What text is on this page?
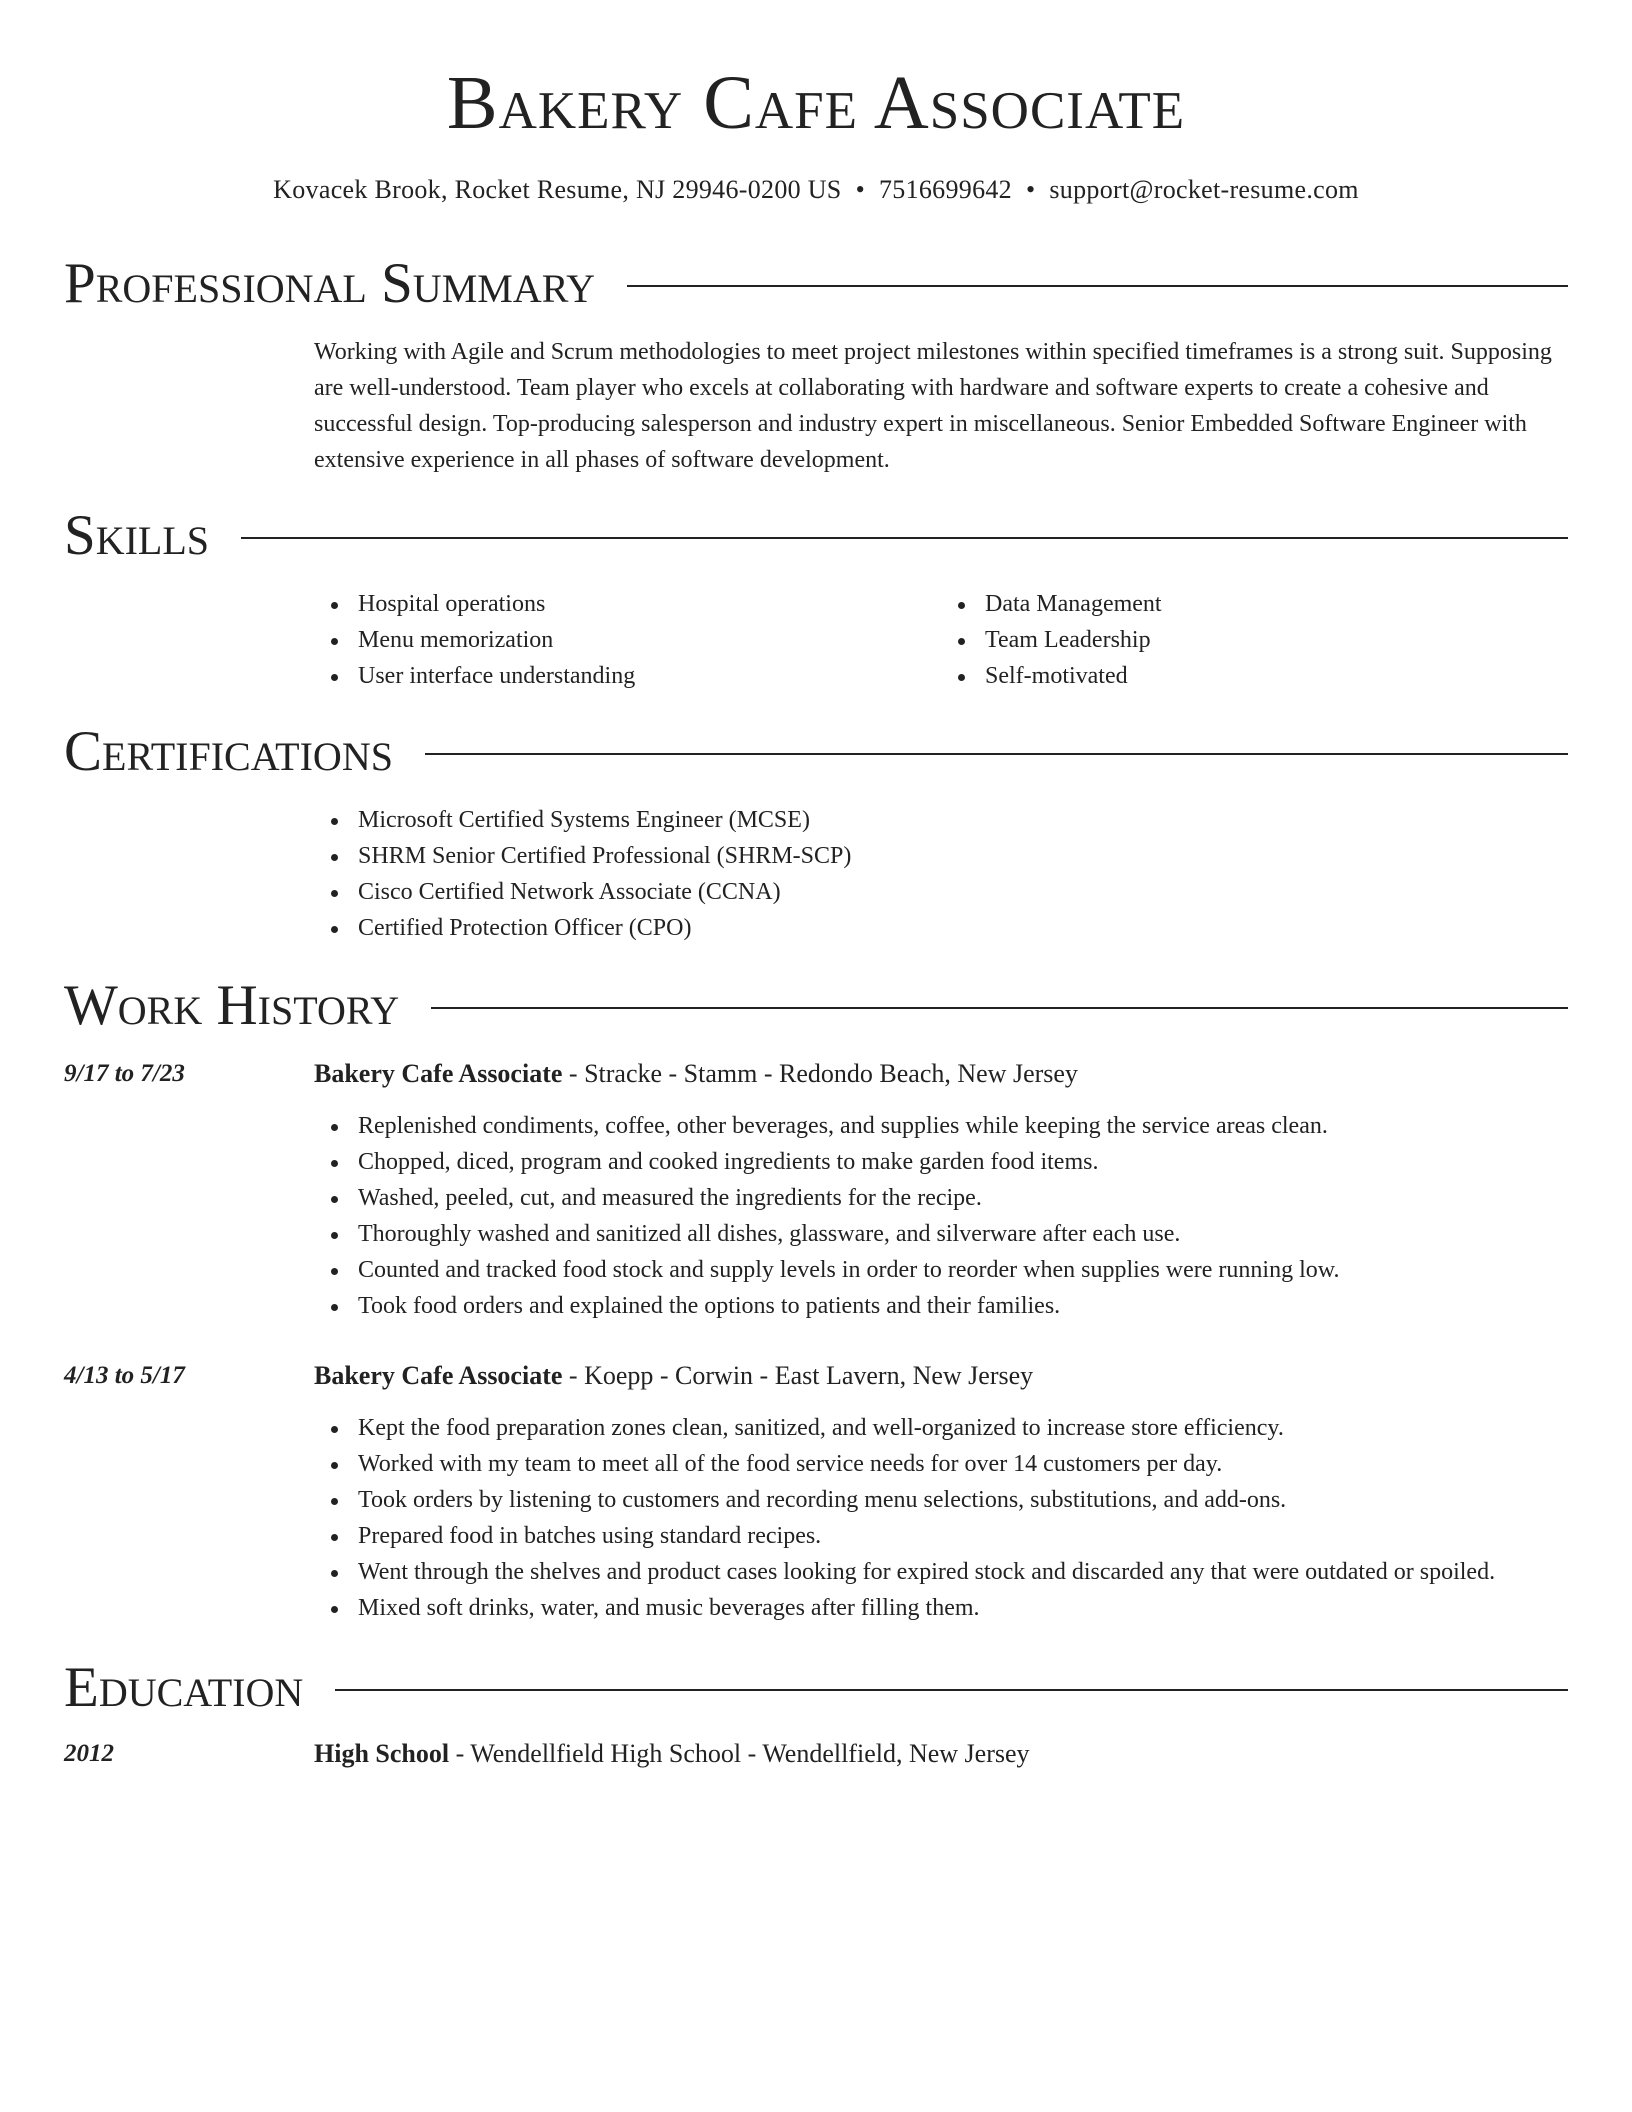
Bakery Cafe Associate
Kovacek Brook, Rocket Resume, NJ 29946-0200 US • 7516699642 • support@rocket-resume.com
Professional Summary
Working with Agile and Scrum methodologies to meet project milestones within specified timeframes is a strong suit. Supposing are well-understood. Team player who excels at collaborating with hardware and software experts to create a cohesive and successful design. Top-producing salesperson and industry expert in miscellaneous. Senior Embedded Software Engineer with extensive experience in all phases of software development.
Skills
Hospital operations
Menu memorization
User interface understanding
Data Management
Team Leadership
Self-motivated
Certifications
Microsoft Certified Systems Engineer (MCSE)
SHRM Senior Certified Professional (SHRM-SCP)
Cisco Certified Network Associate (CCNA)
Certified Protection Officer (CPO)
Work History
9/17 to 7/23	Bakery Cafe Associate - Stracke - Stamm - Redondo Beach, New Jersey
Replenished condiments, coffee, other beverages, and supplies while keeping the service areas clean.
Chopped, diced, program and cooked ingredients to make garden food items.
Washed, peeled, cut, and measured the ingredients for the recipe.
Thoroughly washed and sanitized all dishes, glassware, and silverware after each use.
Counted and tracked food stock and supply levels in order to reorder when supplies were running low.
Took food orders and explained the options to patients and their families.
4/13 to 5/17	Bakery Cafe Associate - Koepp - Corwin - East Lavern, New Jersey
Kept the food preparation zones clean, sanitized, and well-organized to increase store efficiency.
Worked with my team to meet all of the food service needs for over 14 customers per day.
Took orders by listening to customers and recording menu selections, substitutions, and add-ons.
Prepared food in batches using standard recipes.
Went through the shelves and product cases looking for expired stock and discarded any that were outdated or spoiled.
Mixed soft drinks, water, and music beverages after filling them.
Education
2012	High School - Wendellfield High School - Wendellfield, New Jersey
